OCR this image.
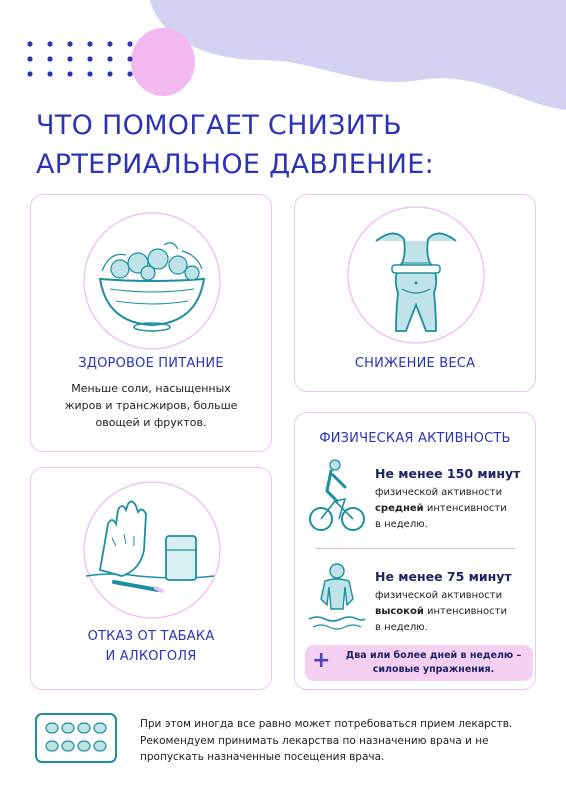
ЧТО ПОМОГАЕТ СНИЗИТЬ
АРТЕРИАЛЬНОЕ ДАВЛЕНИЕ:
ЗДОРОВОЕ ПИТАНИЕ
Меньше соли, насыщенных
жиров и трансжиров, больше
овощей и фруктов.
СНИЖЕНИЕ ВЕСА
ФИЗИЧЕСКАЯ АКТИВНОСТЬ
Не менее 150 минут
физической активности
средней интенсивности
в неделю.
Не менее 75 минут
физической активности
высокой интенсивности
в неделю.
+	Два или более дней в неделю –
силовые упражнения.
ОТКАЗ ОТ ТАБАКА
И АЛКОГОЛЯ
При этом иногда все равно может потребоваться прием лекарств.
Рекомендуем принимать лекарства по назначению врача и не
пропускать назначенные посещения врача.
